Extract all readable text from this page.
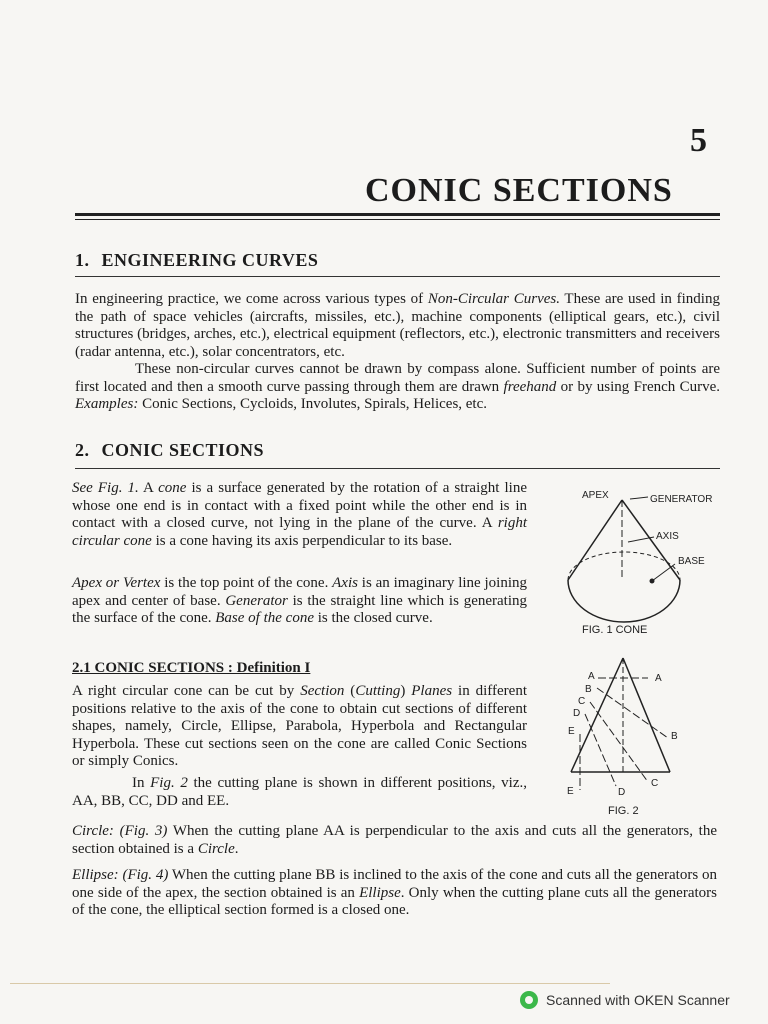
5
CONIC SECTIONS
1. ENGINEERING CURVES

In engineering practice, we come across various types of Non-Circular Curves. These are used in finding the path of space vehicles (aircrafts, missiles, etc.), machine components (elliptical gears, etc.), civil structures (bridges, arches, etc.), electrical equipment (reflectors, etc.), electronic transmitters and receivers (radar antenna, etc.), solar concentrators, etc.

These non-circular curves cannot be drawn by compass alone. Sufficient number of points are first located and then a smooth curve passing through them are drawn freehand or by using French Curve. Examples: Conic Sections, Cycloids, Involutes, Spirals, Helices, etc.

2. CONIC SECTIONS

See Fig. 1. A cone is a surface generated by the rotation of a straight line whose one end is in contact with a fixed point while the other end is in contact with a closed curve, not lying in the plane of the curve. A right circular cone is a cone having its axis perpendicular to its base.

Apex or Vertex is the top point of the cone. Axis is an imaginary line joining apex and center of base. Generator is the straight line which is generating the surface of the cone. Base of the cone is the closed curve.

APEX	GENERATOR
AXIS
BASE
FIG. 1 CONE
2.1 CONIC SECTIONS : Definition I

A right circular cone can be cut by Section (Cutting) Planes in different positions relative to the axis of the cone to obtain cut sections of different shapes, namely, Circle, Ellipse, Parabola, Hyperbola and Rectangular Hyperbola. These cut sections seen on the cone are called Conic Sections or simply Conics.

In Fig. 2 the cutting plane is shown in different positions, viz., AA, BB, CC, DD and EE.

A	A
B
B
C
C
D
D
E
E
FIG. 2

Circle: (Fig. 3) When the cutting plane AA is perpendicular to the axis and cuts all the generators, the section obtained is a Circle.

Ellipse: (Fig. 4) When the cutting plane BB is inclined to the axis of the cone and cuts all the generators on one side of the apex, the section obtained is an Ellipse. Only when the cutting plane cuts all the generators of the cone, the elliptical section formed is a closed one.

Scanned with OKEN Scanner
